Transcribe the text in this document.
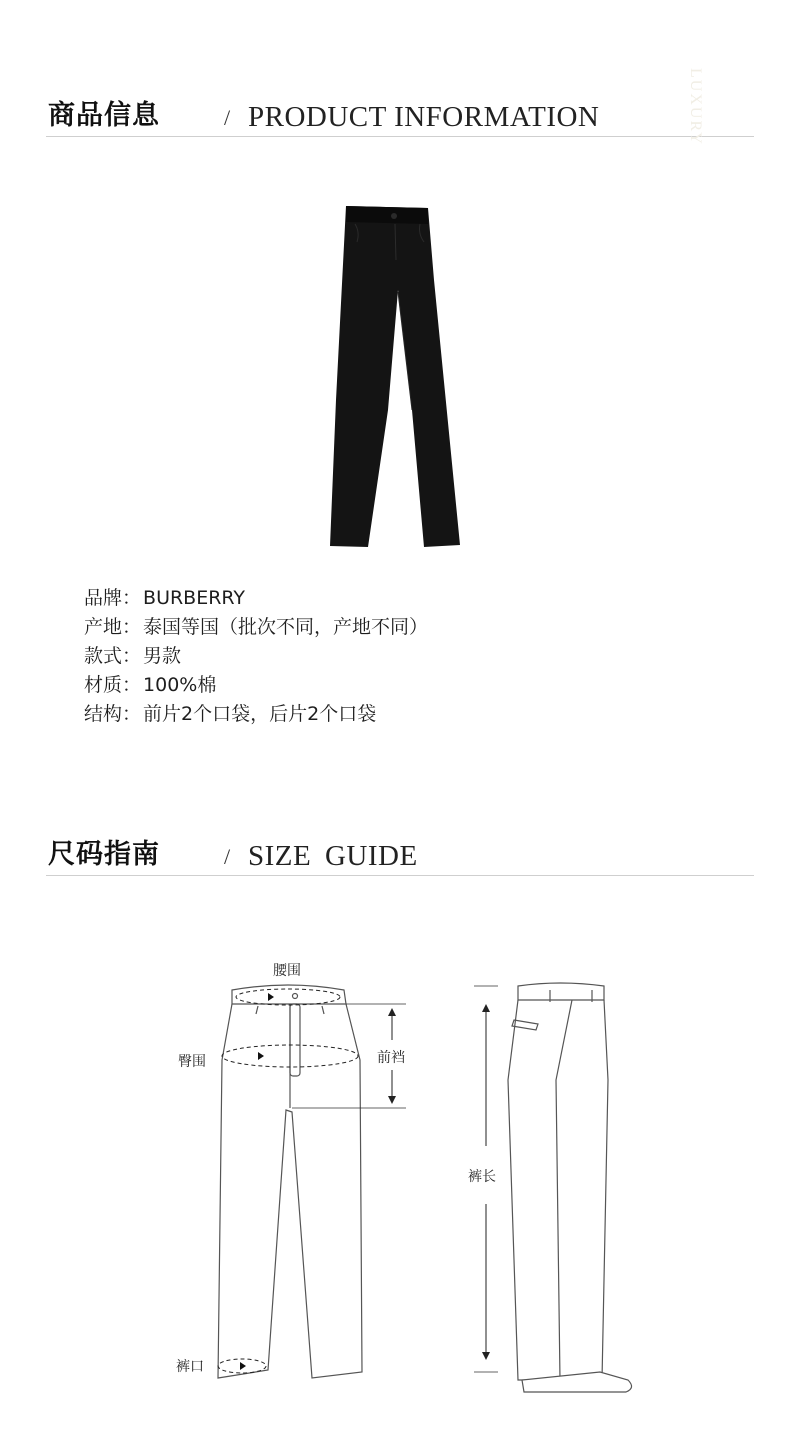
商品信息	/ PRODUCT INFORMATION	LUXURY
品牌： BURBERRY
产地： 泰国等国（批次不同，产地不同）
款式： 男款
材质： 100%棉
结构： 前片2个口袋，后片2个口袋
尺码指南	/ SIZE GUIDE
腰围
臀围	前裆
裤口
裤长
